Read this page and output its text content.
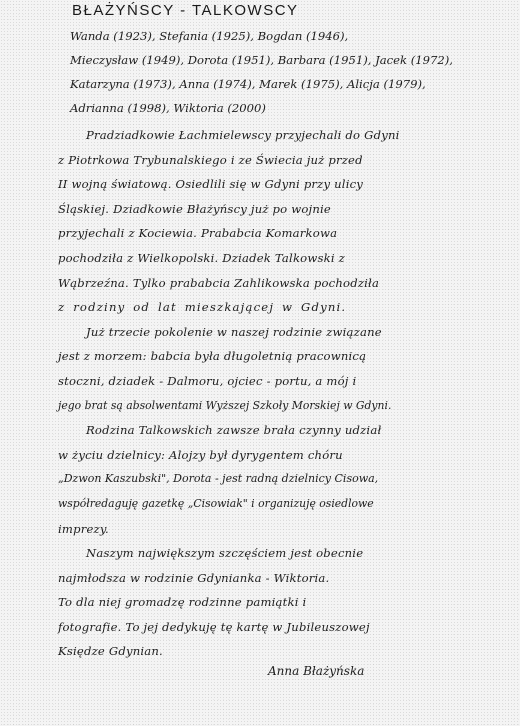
BŁAŻYŃSCY - TALKOWSCY
Wanda (1923), Stefania (1925), Bogdan (1946),
Mieczysław (1949), Dorota (1951), Barbara (1951), Jacek (1972),
Katarzyna (1973), Anna (1974), Marek (1975), Alicja (1979),
Adrianna (1998), Wiktoria (2000)
Pradziadkowie Łachmielewscy przyjechali do Gdyni
z Piotrkowa Trybunalskiego i ze Świecia już przed
II wojną światową. Osiedlili się w Gdyni przy ulicy
Śląskiej. Dziadkowie Błażyńscy już po wojnie
przyjechali z Kociewia. Prababcia Komarkowa
pochodziła z Wielkopolski. Dziadek Talkowski z
Wąbrzeźna. Tylko prababcia Zahlikowska pochodziła
z rodziny od lat mieszkającej w Gdyni.
Już trzecie pokolenie w naszej rodzinie związane
jest z morzem: babcia była długoletnią pracownicą
stoczni, dziadek - Dalmoru, ojciec - portu, a mój i
jego brat są absolwentami Wyższej Szkoły Morskiej w Gdyni.
Rodzina Talkowskich zawsze brała czynny udział
w życiu dzielnicy: Alojzy był dyrygentem chóru
„Dzwon Kaszubski", Dorota - jest radną dzielnicy Cisowa,
współredaguję gazetkę „Cisowiak" i organizuję osiedlowe
imprezy.
Naszym największym szczęściem jest obecnie
najmłodsza w rodzinie Gdynianka - Wiktoria.
To dla niej gromadzę rodzinne pamiątki i
fotografie. To jej dedykuję tę kartę w Jubileuszowej
Księdze Gdynian.
Anna Błażyńska
